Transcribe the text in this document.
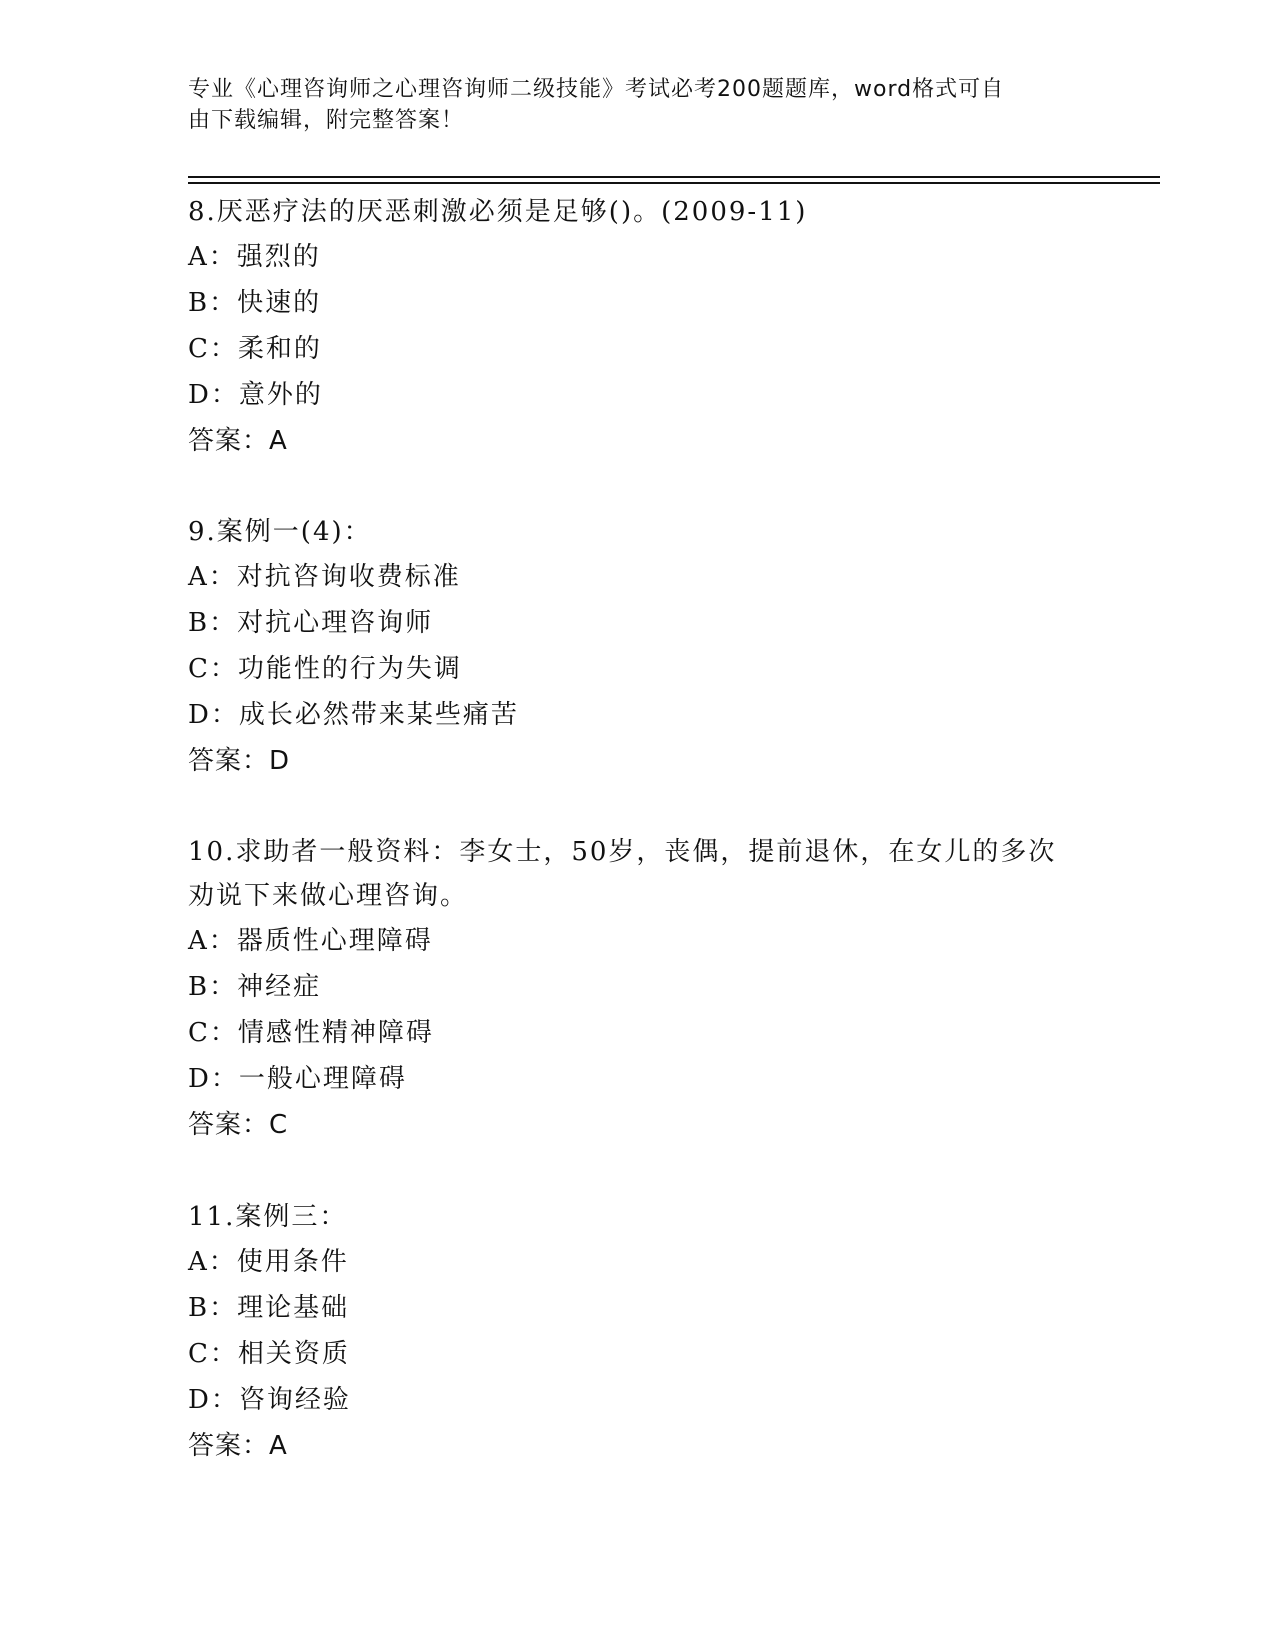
专业《心理咨询师之心理咨询师二级技能》考试必考200题题库，word格式可自
由下载编辑，附完整答案！
8.厌恶疗法的厌恶刺激必须是足够()。(2009-11)
A：强烈的
B：快速的
C：柔和的
D：意外的
答案：A
9.案例一(4)：
A：对抗咨询收费标准
B：对抗心理咨询师
C：功能性的行为失调
D：成长必然带来某些痛苦
答案：D
10.求助者一般资料：李女士，50岁，丧偶，提前退休，在女儿的多次
劝说下来做心理咨询。
A：器质性心理障碍
B：神经症
C：情感性精神障碍
D：一般心理障碍
答案：C
11.案例三：
A：使用条件
B：理论基础
C：相关资质
D：咨询经验
答案：A
